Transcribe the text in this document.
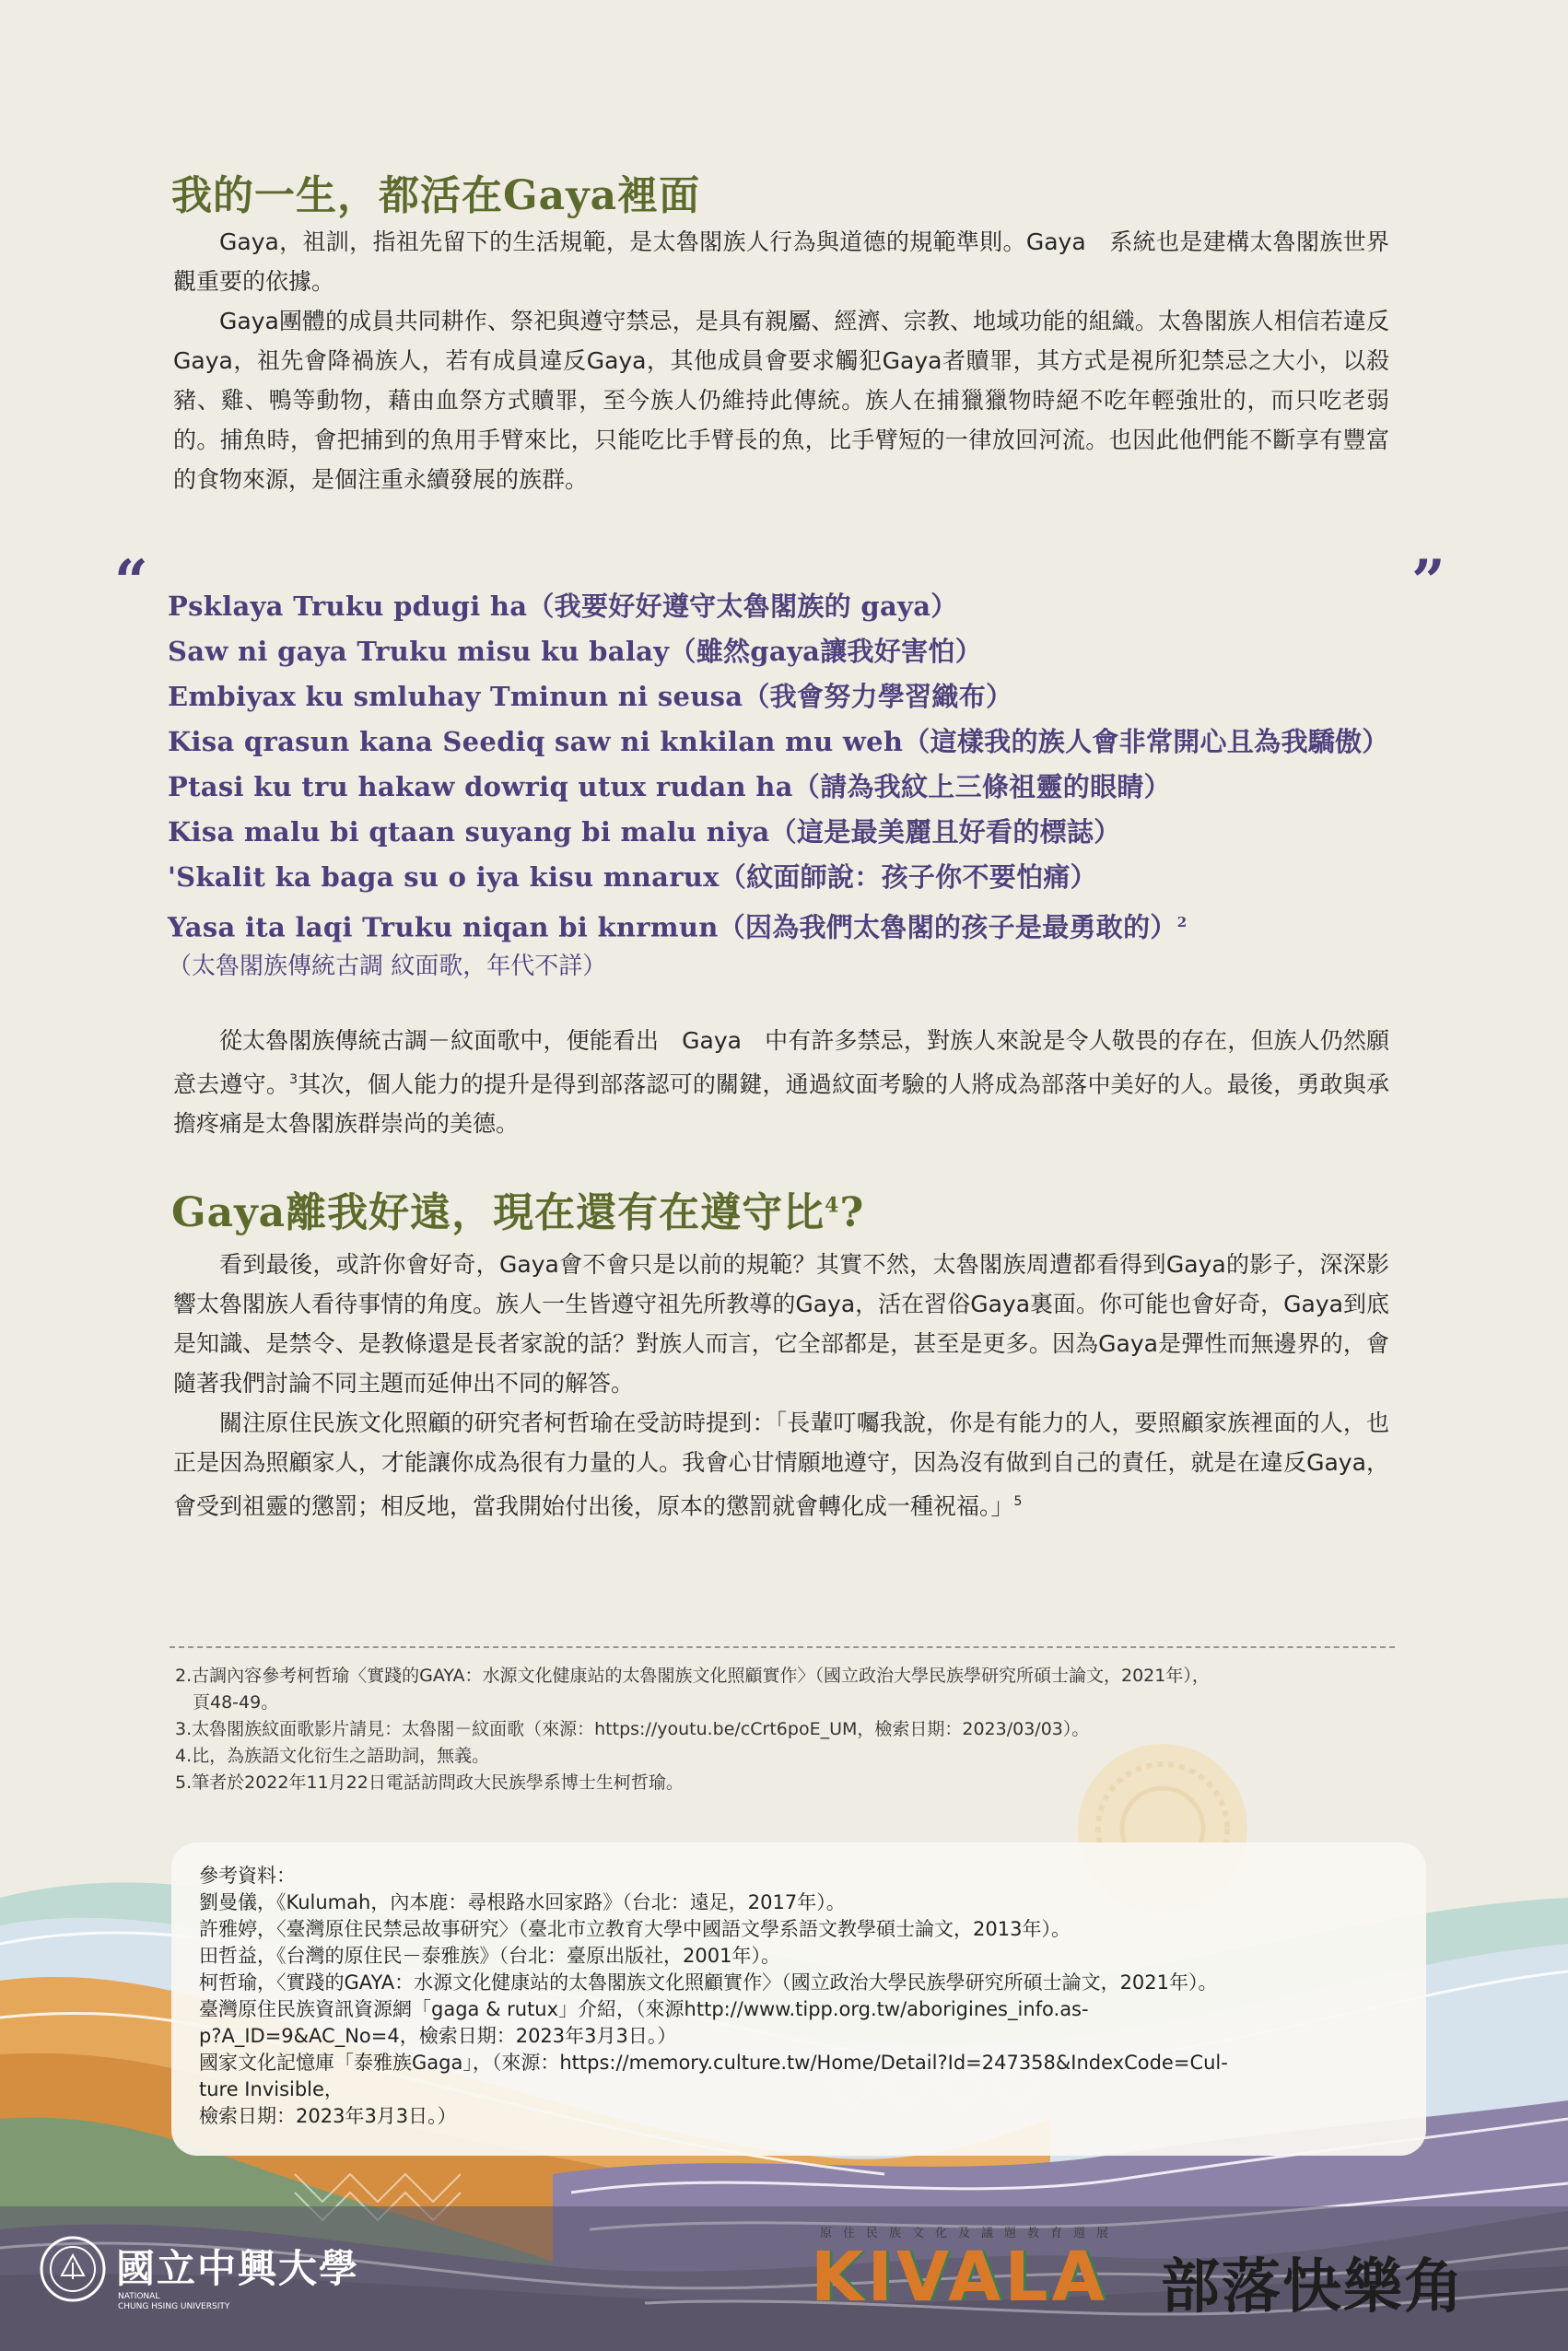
我的一生，都活在Gaya裡面

Gaya，祖訓，指祖先留下的生活規範，是太魯閣族人行為與道德的規範準則。Gaya　系統也是建構太魯閣族世界觀重要的依據。

Gaya團體的成員共同耕作、祭祀與遵守禁忌，是具有親屬、經濟、宗教、地域功能的組織。太魯閣族人相信若違反Gaya，祖先會降禍族人，若有成員違反Gaya，其他成員會要求觸犯Gaya者贖罪，其方式是視所犯禁忌之大小，以殺豬、雞、鴨等動物，藉由血祭方式贖罪，至今族人仍維持此傳統。族人在捕獵獵物時絕不吃年輕強壯的，而只吃老弱的。捕魚時，會把捕到的魚用手臂來比，只能吃比手臂長的魚，比手臂短的一律放回河流。也因此他們能不斷享有豐富的食物來源，是個注重永續發展的族群。

“	”
Psklaya Truku pdugi ha（我要好好遵守太魯閣族的 gaya）
Saw ni gaya Truku misu ku balay（雖然gaya讓我好害怕）
Embiyax ku smluhay Tminun ni seusa（我會努力學習織布）
Kisa qrasun kana Seediq saw ni knkilan mu weh（這樣我的族人會非常開心且為我驕傲）
Ptasi ku tru hakaw dowriq utux rudan ha（請為我紋上三條祖靈的眼睛）
Kisa malu bi qtaan suyang bi malu niya（這是最美麗且好看的標誌）
'Skalit ka baga su o iya kisu mnarux（紋面師說：孩子你不要怕痛）
Yasa ita laqi Truku niqan bi knrmun（因為我們太魯閣的孩子是最勇敢的）$^2$
（太魯閣族傳統古調 紋面歌，年代不詳）

從太魯閣族傳統古調－紋面歌中，便能看出　Gaya　中有許多禁忌，對族人來說是令人敬畏的存在，但族人仍然願意去遵守。$^3$其次，個人能力的提升是得到部落認可的關鍵，通過紋面考驗的人將成為部落中美好的人。最後，勇敢與承擔疼痛是太魯閣族群崇尚的美德。

Gaya離我好遠，現在還有在遵守比$^4$?

看到最後，或許你會好奇，Gaya會不會只是以前的規範？其實不然，太魯閣族周遭都看得到Gaya的影子，深深影響太魯閣族人看待事情的角度。族人一生皆遵守祖先所教導的Gaya，活在習俗Gaya裏面。你可能也會好奇，Gaya到底是知識、是禁令、是教條還是長者家說的話？對族人而言，它全部都是，甚至是更多。因為Gaya是彈性而無邊界的，會隨著我們討論不同主題而延伸出不同的解答。

關注原住民族文化照顧的研究者柯哲瑜在受訪時提到：「長輩叮囑我說，你是有能力的人，要照顧家族裡面的人，也正是因為照顧家人，才能讓你成為很有力量的人。我會心甘情願地遵守，因為沒有做到自己的責任，就是在違反Gaya，會受到祖靈的懲罰；相反地，當我開始付出後，原本的懲罰就會轉化成一種祝福。」$^5$

2.古調內容參考柯哲瑜〈實踐的GAYA：水源文化健康站的太魯閣族文化照顧實作〉（國立政治大學民族學研究所碩士論文，2021年），
　頁48-49。
3.太魯閣族紋面歌影片請見：太魯閣－紋面歌（來源：https://youtu.be/cCrt6poE_UM，檢索日期：2023/03/03）。
4.比，為族語文化衍生之語助詞，無義。
5.筆者於2022年11月22日電話訪問政大民族學系博士生柯哲瑜。
參考資料：
劉曼儀，《Kulumah，內本鹿：尋根路水回家路》（台北：遠足，2017年）。
許雅婷，〈臺灣原住民禁忌故事研究〉（臺北市立教育大學中國語文學系語文教學碩士論文，2013年）。
田哲益，《台灣的原住民－泰雅族》（台北：臺原出版社，2001年）。
柯哲瑜，〈實踐的GAYA：水源文化健康站的太魯閣族文化照顧實作〉（國立政治大學民族學研究所碩士論文，2021年）。
臺灣原住民族資訊資源網「gaga & rutux」介紹，（來源http://www.tipp.org.tw/aborigines_info.as-
p?A_ID=9&AC_No=4，檢索日期：2023年3月3日。）
國家文化記憶庫「泰雅族Gaga」，（來源：https://memory.culture.tw/Home/Detail?Id=247358&IndexCode=Cul-
ture Invisible，
檢索日期：2023年3月3日。）
國立中興大學
NATIONAL
CHUNG HSING UNIVERSITY
原住民族文化及議題教育週展
KIVALA 部落快樂角
